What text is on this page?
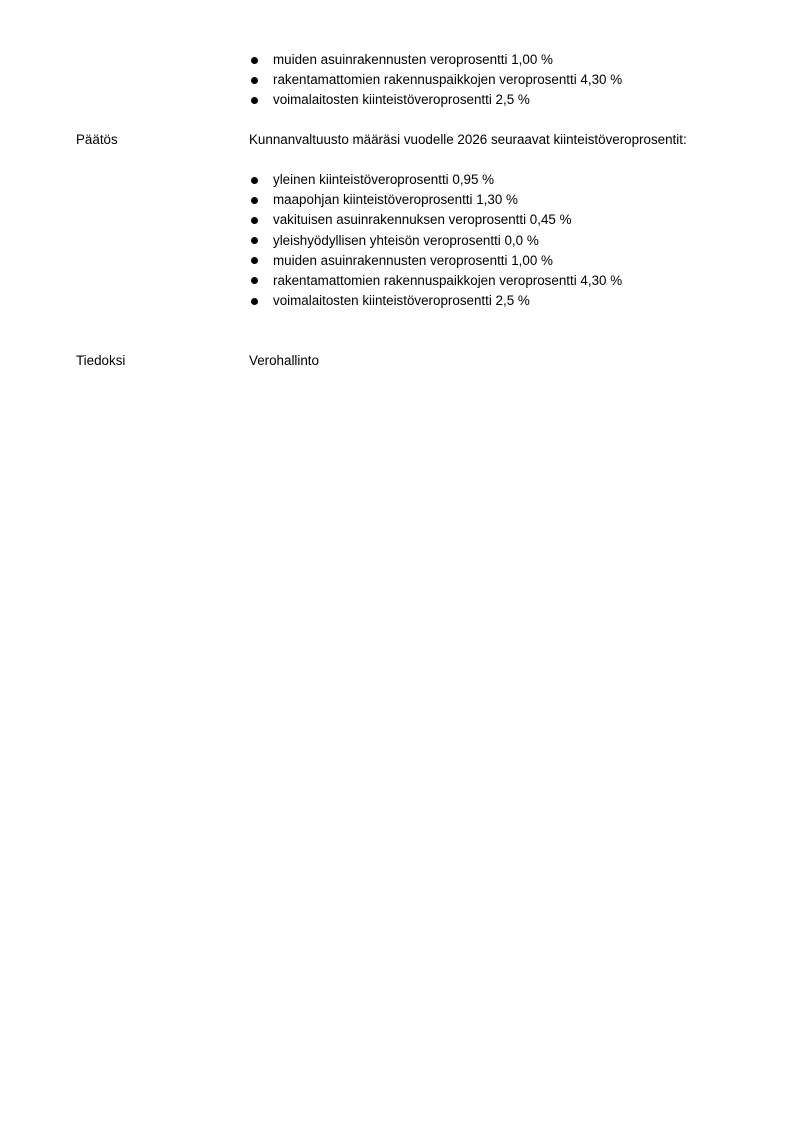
muiden asuinrakennusten veroprosentti 1,00 %
rakentamattomien rakennuspaikkojen veroprosentti 4,30 %
voimalaitosten kiinteistöveroprosentti 2,5 %
Päätös	Kunnanvaltuusto määräsi vuodelle 2026 seuraavat kiinteistöveroprosentit:
yleinen kiinteistöveroprosentti 0,95 %
maapohjan kiinteistöveroprosentti 1,30 %
vakituisen asuinrakennuksen veroprosentti 0,45 %
yleishyödyllisen yhteisön veroprosentti 0,0 %
muiden asuinrakennusten veroprosentti 1,00 %
rakentamattomien rakennuspaikkojen veroprosentti 4,30 %
voimalaitosten kiinteistöveroprosentti 2,5 %
Tiedoksi	Verohallinto
